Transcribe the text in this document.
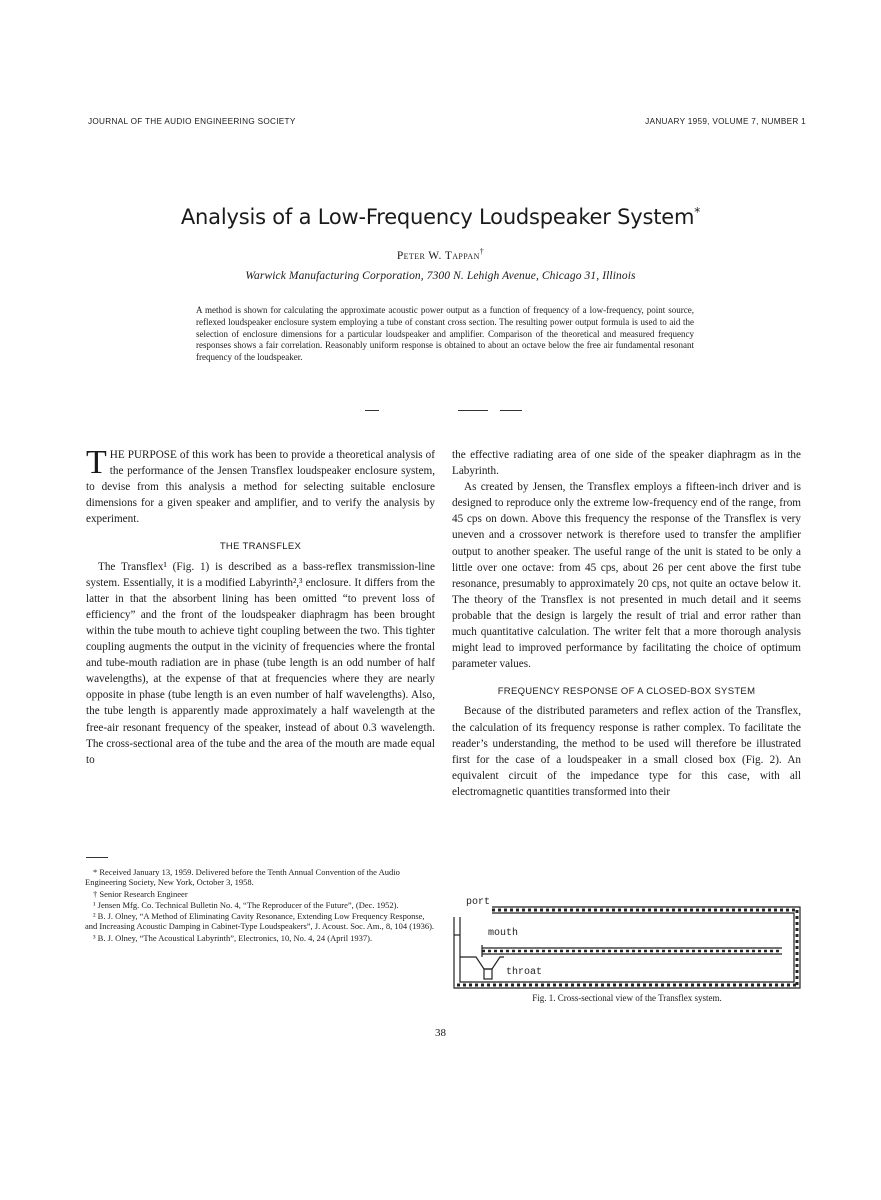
JOURNAL OF THE AUDIO ENGINEERING SOCIETY	JANUARY 1959, VOLUME 7, NUMBER 1
Analysis of a Low-Frequency Loudspeaker System*
Peter W. Tappan†
Warwick Manufacturing Corporation, 7300 N. Lehigh Avenue, Chicago 31, Illinois
A method is shown for calculating the approximate acoustic power output as a function of frequency of a low-frequency, point source, reflexed loudspeaker enclosure system employing a tube of constant cross section. The resulting power output formula is used to aid the selection of enclosure dimensions for a particular loudspeaker and amplifier. Comparison of the theoretical and measured frequency responses shows a fair correlation. Reasonably uniform response is obtained to about an octave below the free air fundamental resonant frequency of the loudspeaker.

THE PURPOSE of this work has been to provide a theoretical analysis of the performance of the Jensen Transflex loudspeaker enclosure system, to devise from this analysis a method for selecting suitable enclosure dimensions for a given speaker and amplifier, and to verify the analysis by experiment.

THE TRANSFLEX

The Transflex¹ (Fig. 1) is described as a bass-reflex transmission-line system. Essentially, it is a modified Labyrinth²,³ enclosure. It differs from the latter in that the absorbent lining has been omitted “to prevent loss of efficiency” and the front of the loudspeaker diaphragm has been brought within the tube mouth to achieve tight coupling between the two. This tighter coupling augments the output in the vicinity of frequencies where the frontal and tube-mouth radiation are in phase (tube length is an odd number of half wavelengths), at the expense of that at frequencies where they are nearly opposite in phase (tube length is an even number of half wavelengths). Also, the tube length is apparently made approximately a half wavelength at the free-air resonant frequency of the speaker, instead of about 0.3 wavelength. The cross-sectional area of the tube and the area of the mouth are made equal to

the effective radiating area of one side of the speaker diaphragm as in the Labyrinth.

As created by Jensen, the Transflex employs a fifteen-inch driver and is designed to reproduce only the extreme low-frequency end of the range, from 45 cps on down. Above this frequency the response of the Transflex is very uneven and a crossover network is therefore used to transfer the amplifier output to another speaker. The useful range of the unit is stated to be only a little over one octave: from 45 cps, about 26 per cent above the first tube resonance, presumably to approximately 20 cps, not quite an octave below it. The theory of the Transflex is not presented in much detail and it seems probable that the design is largely the result of trial and error rather than much quantitative calculation. The writer felt that a more thorough analysis might lead to improved performance by facilitating the choice of optimum parameter values.

FREQUENCY RESPONSE OF A CLOSED-BOX SYSTEM

Because of the distributed parameters and reflex action of the Transflex, the calculation of its frequency response is rather complex. To facilitate the reader’s understanding, the method to be used will therefore be illustrated first for the case of a loudspeaker in a small closed box (Fig. 2). An equivalent circuit of the impedance type for this case, with all electromagnetic quantities transformed into their

* Received January 13, 1959. Delivered before the Tenth Annual Convention of the Audio Engineering Society, New York, October 3, 1958.

† Senior Research Engineer

¹ Jensen Mfg. Co. Technical Bulletin No. 4, “The Reproducer of the Future”, (Dec. 1952).

² B. J. Olney, “A Method of Eliminating Cavity Resonance, Extending Low Frequency Response, and Increasing Acoustic Damping in Cabinet-Type Loudspeakers”, J. Acoust. Soc. Am., 8, 104 (1936).

³ B. J. Olney, “The Acoustical Labyrinth”, Electronics, 10, No. 4, 24 (April 1937).

port
mouth
throat
Fig. 1. Cross-sectional view of the Transflex system.
38
